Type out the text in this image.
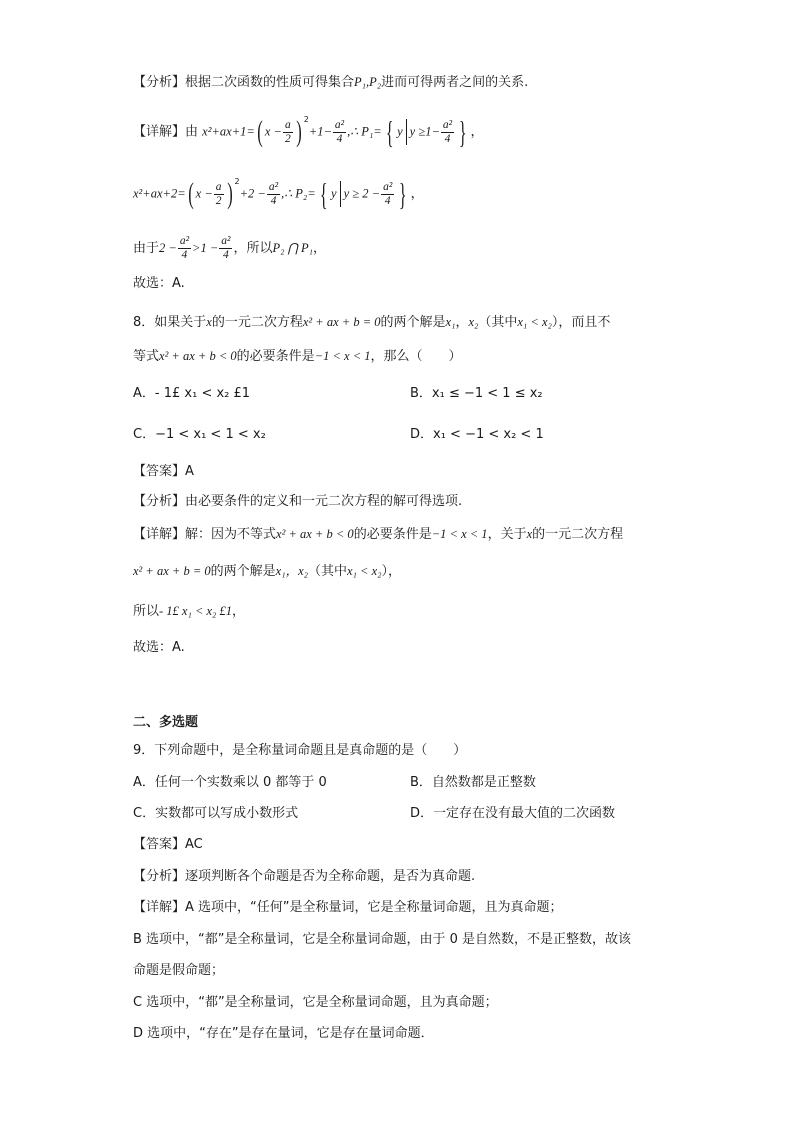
【分析】根据二次函数的性质可得集合P₁,P₂进而可得两者之间的关系.
【详解】由 x²+ax+1=( $x - \frac{a}{2}$ ) $^2+1- \frac{\text{a²}}{4}$ ,∴ P₁= { y $y \ge 1- \frac{\text{a²}}{4}$ } ，
x²+ax+2=( $x - \frac{a}{2}$ ) $^2+2 - \frac{\text{a²}}{4}$ ,∴ P₂= { y $y \ge 2 - \frac{\text{a²}}{4}$ } ，
由于$2 - \frac{\text{a²}}{4} >1 - \frac{\text{a²}}{4}$ ，所以P₂ ⋂ P₁，
故选：A.
8．如果关于x的一元二次方程x² + ax + b = 0的两个解是x₁，x₂（其中x₁ < x₂），而且不
等式x² + ax + b < 0的必要条件是−1 < x < 1，那么（　　）
A．- 1£ x₁ < x₂ £1	B．x₁ ≤ −1 < 1 ≤ x₂
C．−1 < x₁ < 1 < x₂	D．x₁ < −1 < x₂ < 1
【答案】A
【分析】由必要条件的定义和一元二次方程的解可得选项.
【详解】解：因为不等式x² + ax + b < 0的必要条件是−1 < x < 1，关于x的一元二次方程
x² + ax + b = 0的两个解是x₁，x₂（其中x₁ < x₂），
所以- 1£ x₁ < x₂ £1，
故选：A.
二、多选题
9．下列命题中，是全称量词命题且是真命题的是（　　）
A．任何一个实数乘以 0 都等于 0	B．自然数都是正整数
C．实数都可以写成小数形式	D．一定存在没有最大值的二次函数
【答案】AC
【分析】逐项判断各个命题是否为全称命题，是否为真命题.
【详解】A 选项中，“任何”是全称量词，它是全称量词命题，且为真命题；
B 选项中，“都”是全称量词，它是全称量词命题，由于 0 是自然数，不是正整数，故该
命题是假命题；
C 选项中，“都”是全称量词，它是全称量词命题，且为真命题；
D 选项中，“存在”是存在量词，它是存在量词命题．
